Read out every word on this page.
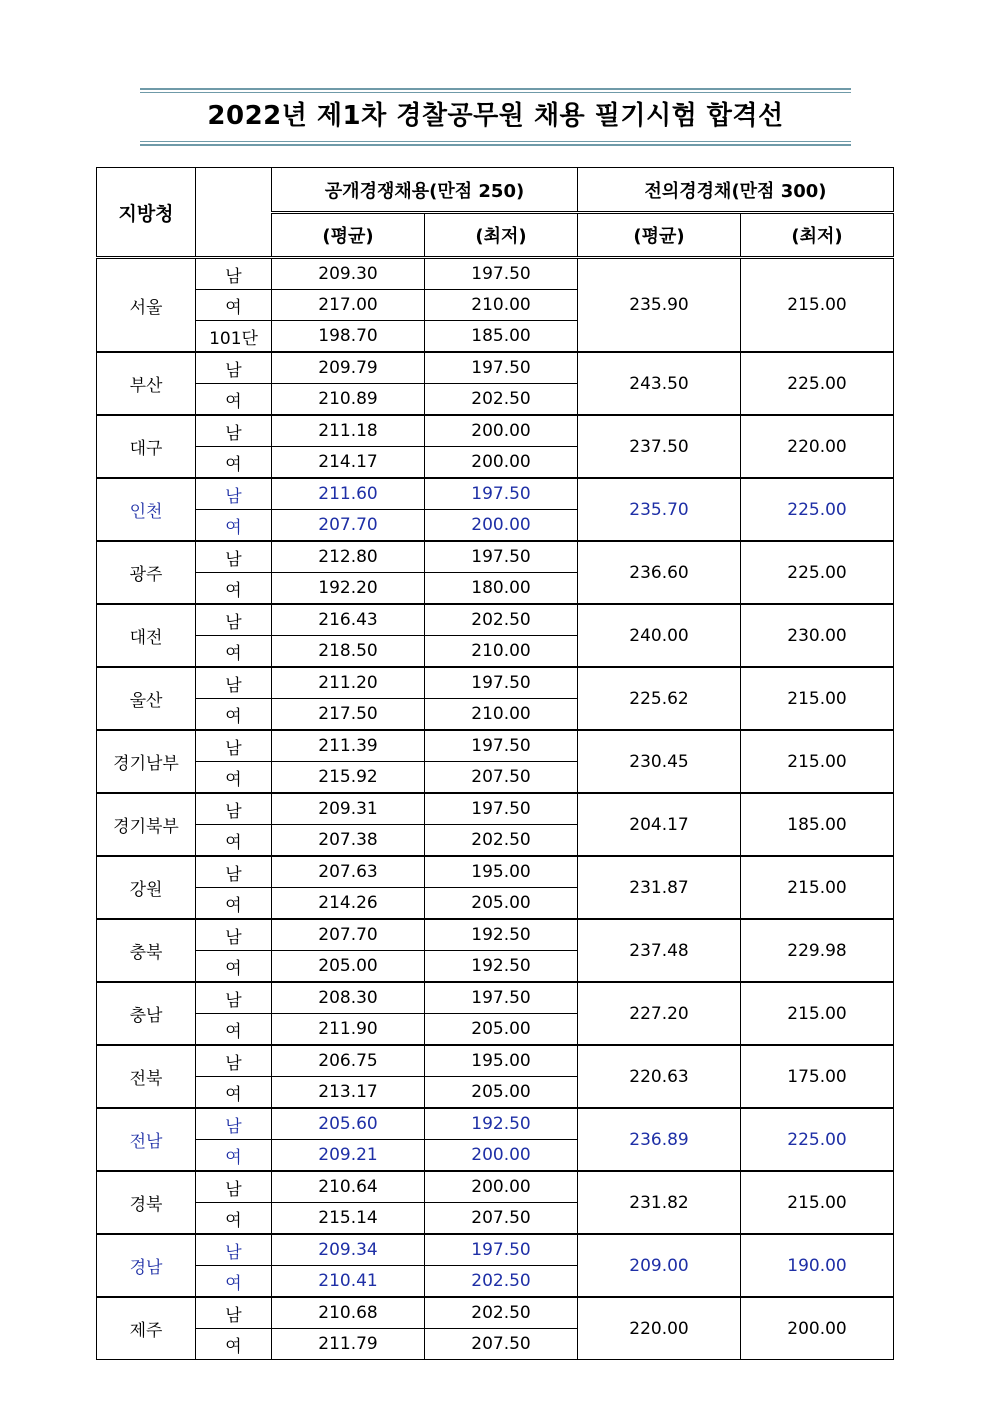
2022년 제1차 경찰공무원 채용 필기시험 합격선
지방청		공개경쟁채용(만점 250)		전의경경채(만점 300)	
		(평균)	(최저)	(평균)	(최저)
서울	남	209.30	197.50	235.90	215.00
	여	217.00	210.00		
	101단	198.70	185.00		
부산	남	209.79	197.50	243.50	225.00
	여	210.89	202.50		
대구	남	211.18	200.00	237.50	220.00
	여	214.17	200.00		
인천	남	211.60	197.50	235.70	225.00
	여	207.70	200.00		
광주	남	212.80	197.50	236.60	225.00
	여	192.20	180.00		
대전	남	216.43	202.50	240.00	230.00
	여	218.50	210.00		
울산	남	211.20	197.50	225.62	215.00
	여	217.50	210.00		
경기남부	남	211.39	197.50	230.45	215.00
	여	215.92	207.50		
경기북부	남	209.31	197.50	204.17	185.00
	여	207.38	202.50		
강원	남	207.63	195.00	231.87	215.00
	여	214.26	205.00		
충북	남	207.70	192.50	237.48	229.98
	여	205.00	192.50		
충남	남	208.30	197.50	227.20	215.00
	여	211.90	205.00		
전북	남	206.75	195.00	220.63	175.00
	여	213.17	205.00		
전남	남	205.60	192.50	236.89	225.00
	여	209.21	200.00		
경북	남	210.64	200.00	231.82	215.00
	여	215.14	207.50		
경남	남	209.34	197.50	209.00	190.00
	여	210.41	202.50		
제주	남	210.68	202.50	220.00	200.00
	여	211.79	207.50		
